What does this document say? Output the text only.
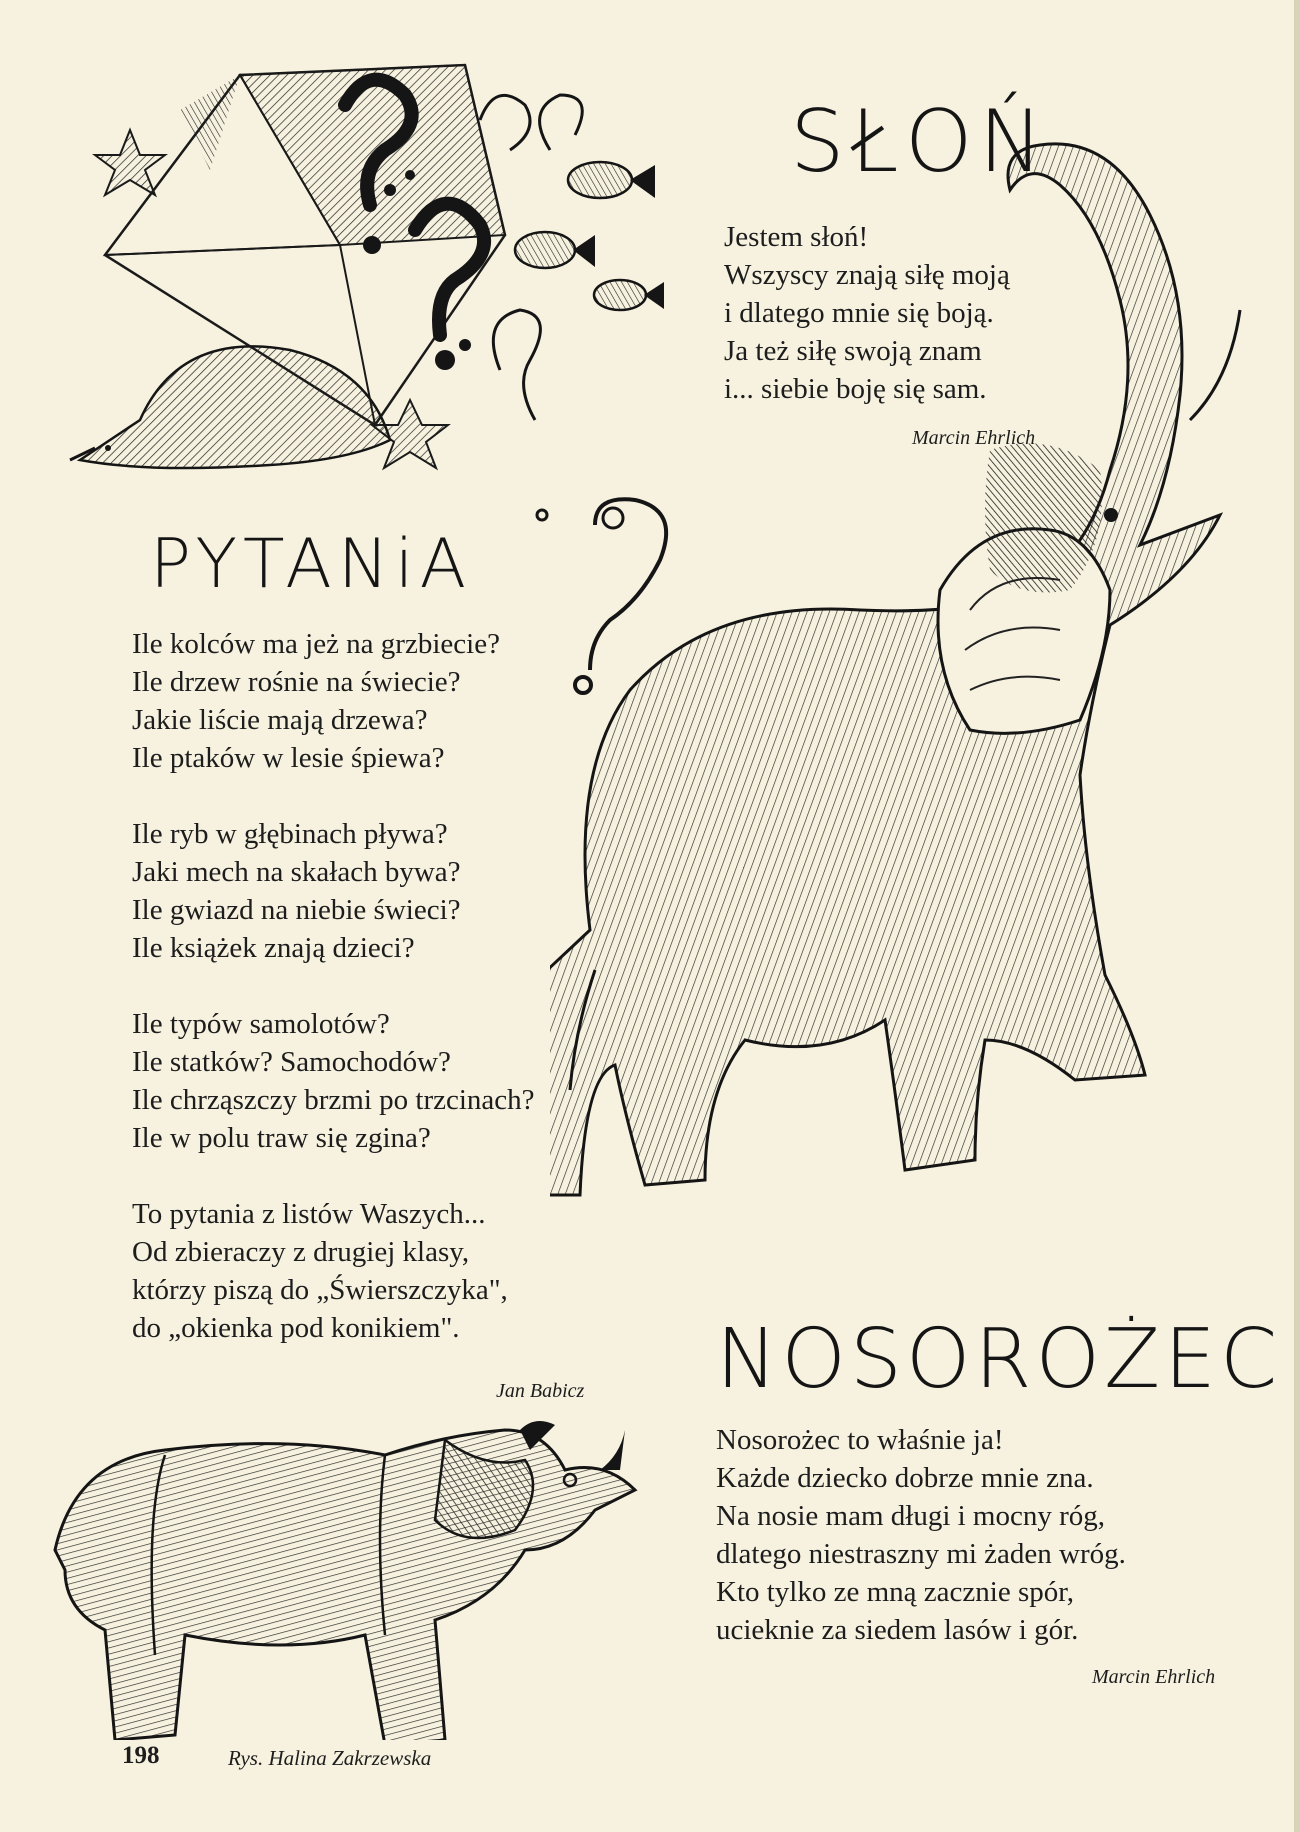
SŁOŃ
Jestem słoń!
Wszyscy znają siłę moją
i dlatego mnie się boją.
Ja też siłę swoją znam
i... siebie boję się sam.
Marcin Ehrlich
PYTANiA
Ile kolców ma jeż na grzbiecie?
Ile drzew rośnie na świecie?
Jakie liście mają drzewa?
Ile ptaków w lesie śpiewa?
Ile ryb w głębinach pływa?
Jaki mech na skałach bywa?
Ile gwiazd na niebie świeci?
Ile książek znają dzieci?
Ile typów samolotów?
Ile statków? Samochodów?
Ile chrząszczy brzmi po trzcinach?
Ile w polu traw się zgina?
To pytania z listów Waszych...
Od zbieraczy z drugiej klasy,
którzy piszą do „Świerszczyka",
do „okienka pod konikiem".
Jan Babicz NOSOROŻEC
Nosorożec to właśnie ja!
Każde dziecko dobrze mnie zna.
Na nosie mam długi i mocny róg,
dlatego niestraszny mi żaden wróg.
Kto tylko ze mną zacznie spór,
ucieknie za siedem lasów i gór.
Marcin Ehrlich
198	Rys. Halina Zakrzewska
